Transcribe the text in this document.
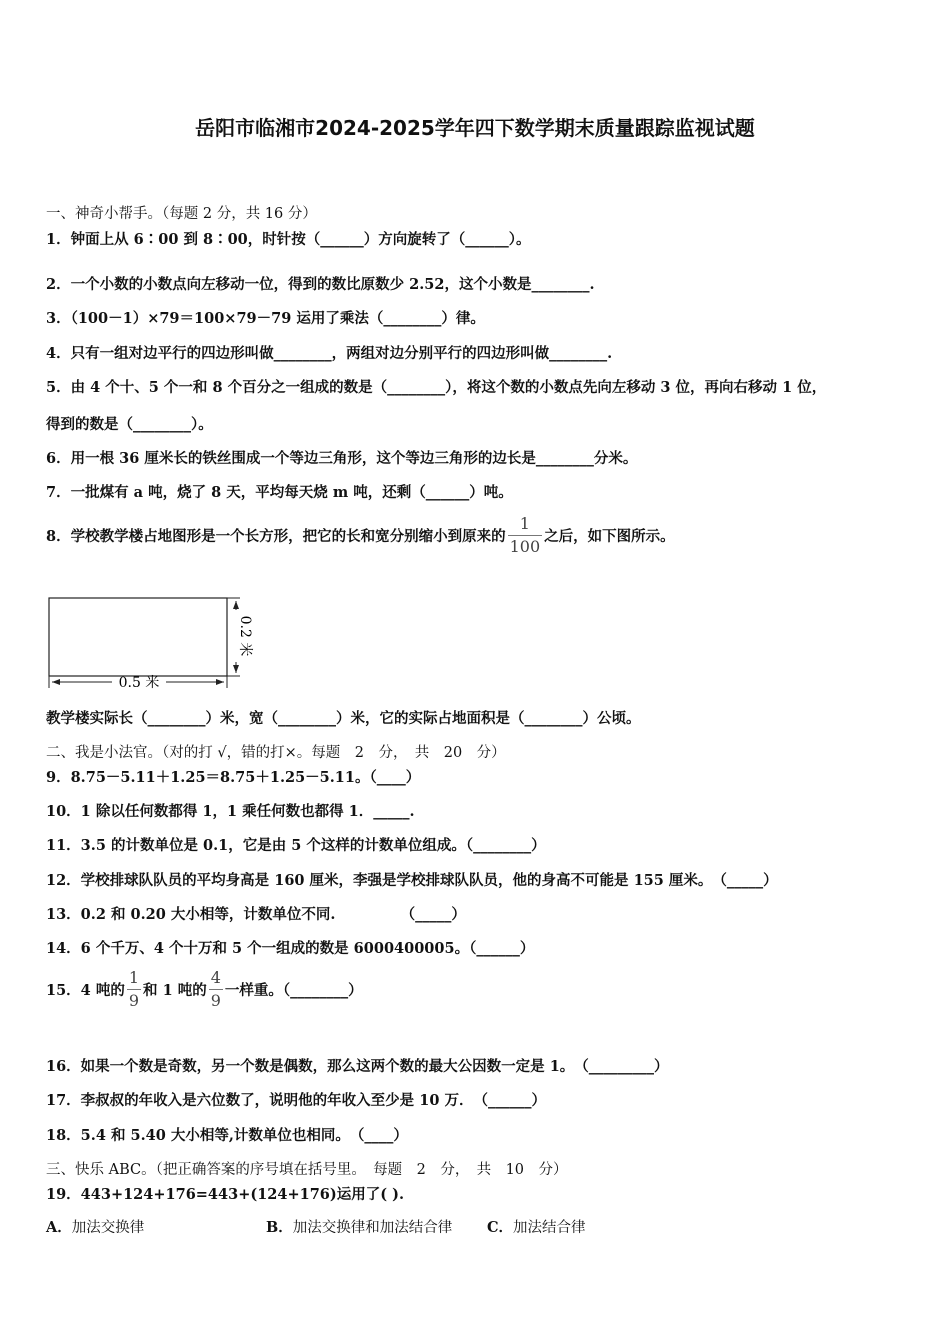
岳阳市临湘市2024-2025学年四下数学期末质量跟踪监视试题
一、神奇小帮手。（每题 2 分，共 16 分）
1．钟面上从 6∶00 到 8∶00，时针按（______）方向旋转了（______）。
2．一个小数的小数点向左移动一位，得到的数比原数少 2.52，这个小数是________.
3．（100－1）×79＝100×79－79 运用了乘法（________）律。
4．只有一组对边平行的四边形叫做________，两组对边分别平行的四边形叫做________.
5．由 4 个十、5 个一和 8 个百分之一组成的数是（________），将这个数的小数点先向左移动 3 位，再向右移动 1 位，
得到的数是（________）。
6．用一根 36 厘米长的铁丝围成一个等边三角形，这个等边三角形的边长是________分米。
7．一批煤有 a 吨，烧了 8 天，平均每天烧 m 吨，还剩（______）吨。
8．学校教学楼占地图形是一个长方形，把它的长和宽分别缩小到原来的 $\frac{1}{100}$ 之后，如下图所示。
0.5 米
0.2 米
教学楼实际长（________）米，宽（________）米，它的实际占地面积是（________）公顷。
二、我是小法官。（对的打 √，错的打×。每题　2　分，　共　20　分）
9．8.75－5.11＋1.25＝8.75＋1.25－5.11。（____）
10．1 除以任何数都得 1，1 乘任何数也都得 1．_____.
11．3.5 的计数单位是 0.1，它是由 5 个这样的计数单位组成。（________）
12．学校排球队队员的平均身高是 160 厘米，李强是学校排球队队员，他的身高不可能是 155 厘米。　（_____）
13．0.2 和 0.20 大小相等，计数单位不同.　　　　　（_____）
14．6 个千万、4 个十万和 5 个一组成的数是 6000400005。（______）
15．4 吨的 $\frac{1}{9}$ 和 1 吨的 $\frac{4}{9}$ 一样重。（________）
16．如果一个数是奇数，另一个数是偶数，那么这两个数的最大公因数一定是 1。　（_________）
17．李叔叔的年收入是六位数了，说明他的年收入至少是 10 万．　（______）
18．5.4 和 5.40 大小相等,计数单位也相同。　（____）
三、快乐 ABC。（把正确答案的序号填在括号里。　每题　2　分，　共　10　分）
19．443+124+176=443+(124+176)运用了( ).
A．加法交换律	B．加法交换律和加法结合律 C．加法结合律
